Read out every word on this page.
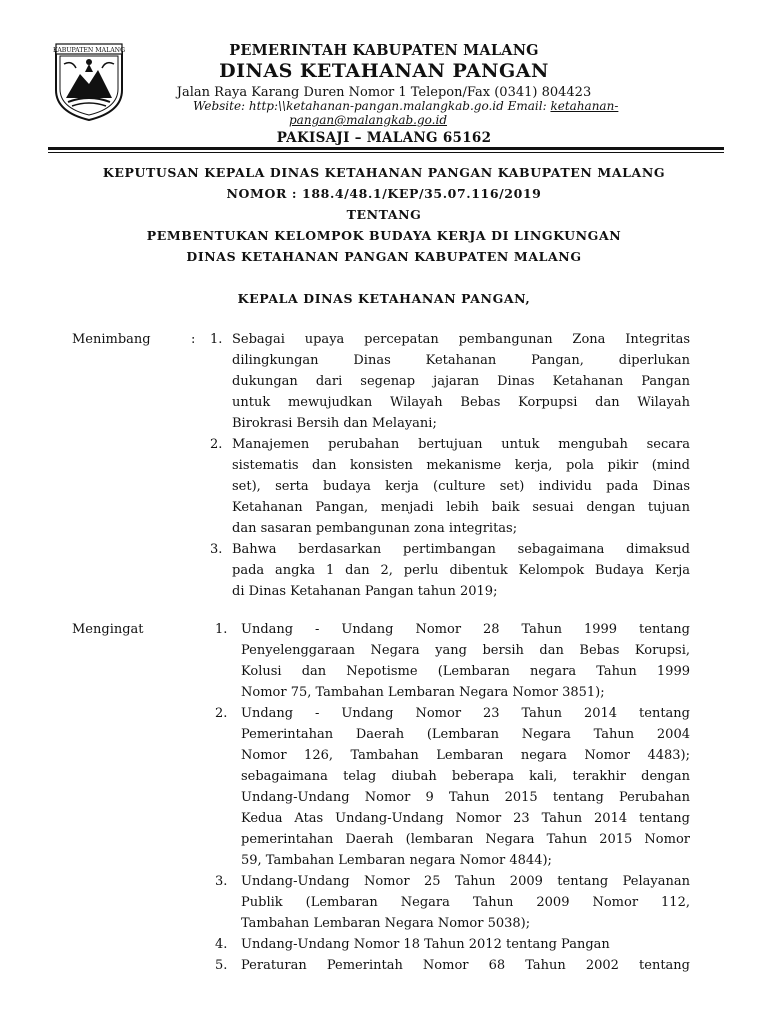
KABUPATEN MALANG	PEMERINTAH KABUPATEN MALANG
DINAS KETAHANAN PANGAN
Jalan Raya Karang Duren Nomor 1 Telepon/Fax (0341) 804423
Website: http:\\ketahanan-pangan.malangkab.go.id Email: ketahanan-
pangan@malangkab.go.id
PAKISAJI – MALANG 65162
KEPUTUSAN KEPALA DINAS KETAHANAN PANGAN KABUPATEN MALANG
NOMOR : 188.4/48.1/KEP/35.07.116/2019
TENTANG
PEMBENTUKAN KELOMPOK BUDAYA KERJA DI LINGKUNGAN
DINAS KETAHANAN PANGAN KABUPATEN MALANG
KEPALA DINAS KETAHANAN PANGAN,
Menimbang	: 1. Sebagai upaya percepatan pembangunan Zona Integritas
dilingkungan Dinas Ketahanan Pangan, diperlukan
dukungan dari segenap jajaran Dinas Ketahanan Pangan
untuk mewujudkan Wilayah Bebas Korpupsi dan Wilayah
Birokrasi Bersih dan Melayani;
2. Manajemen perubahan bertujuan untuk mengubah secara
sistematis dan konsisten mekanisme kerja, pola pikir (mind
set), serta budaya kerja (culture set) individu pada Dinas
Ketahanan Pangan, menjadi lebih baik sesuai dengan tujuan
dan sasaran pembangunan zona integritas;
3. Bahwa berdasarkan pertimbangan sebagaimana dimaksud
pada angka 1 dan 2, perlu dibentuk Kelompok Budaya Kerja
di Dinas Ketahanan Pangan tahun 2019;
Mengingat	1. Undang - Undang Nomor 28 Tahun 1999 tentang
Penyelenggaraan Negara yang bersih dan Bebas Korupsi,
Kolusi dan Nepotisme (Lembaran negara Tahun 1999
Nomor 75, Tambahan Lembaran Negara Nomor 3851);
2. Undang - Undang Nomor 23 Tahun 2014 tentang
Pemerintahan Daerah (Lembaran Negara Tahun 2004
Nomor 126, Tambahan Lembaran negara Nomor 4483);
sebagaimana telag diubah beberapa kali, terakhir dengan
Undang-Undang Nomor 9 Tahun 2015 tentang Perubahan
Kedua Atas Undang-Undang Nomor 23 Tahun 2014 tentang
pemerintahan Daerah (lembaran Negara Tahun 2015 Nomor
59, Tambahan Lembaran negara Nomor 4844);
3. Undang-Undang Nomor 25 Tahun 2009 tentang Pelayanan
Publik (Lembaran Negara Tahun 2009 Nomor 112,
Tambahan Lembaran Negara Nomor 5038);
4. Undang-Undang Nomor 18 Tahun 2012 tentang Pangan
5. Peraturan Pemerintah Nomor 68 Tahun 2002 tentang
